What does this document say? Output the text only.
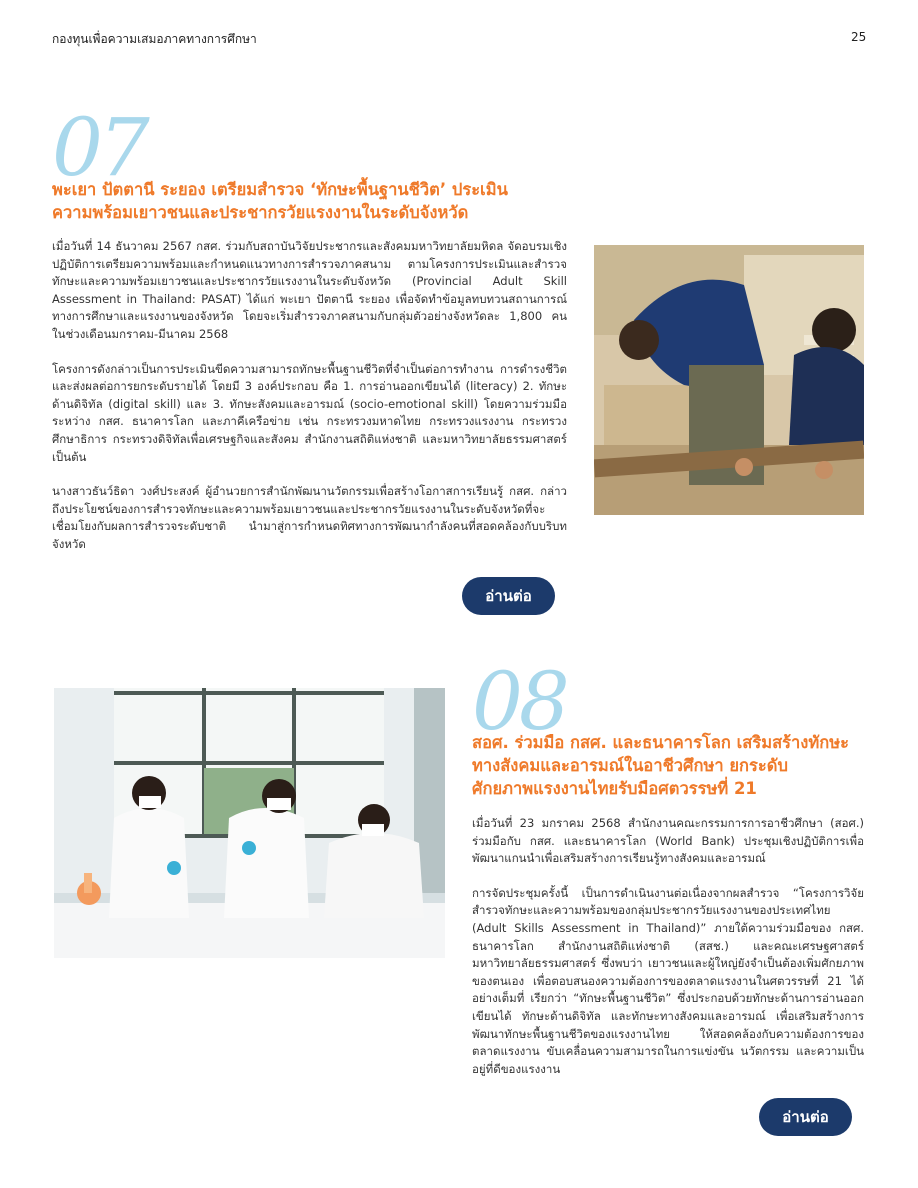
กองทุนเพื่อความเสมอภาคทางการศึกษา	25
07
พะเยา ปัตตานี ระยอง เตรียมสำรวจ ‘ทักษะพื้นฐานชีวิต’ ประเมิน
ความพร้อมเยาวชนและประชากรวัยแรงงานในระดับจังหวัด

เมื่อวันที่ 14 ธันวาคม 2567 กสศ. ร่วมกับสถาบันวิจัยประชากรและสังคมมหาวิทยาลัยมหิดล จัดอบรมเชิงปฏิบัติการเตรียมความพร้อมและกำหนดแนวทางการสำรวจภาคสนาม ตามโครงการประเมินและสำรวจทักษะและความพร้อมเยาวชนและประชากรวัยแรงงานในระดับจังหวัด (Provincial Adult Skill Assessment in Thailand: PASAT) ได้แก่ พะเยา ปัตตานี ระยอง เพื่อจัดทำข้อมูลทบทวนสถานการณ์ทางการศึกษาและแรงงานของจังหวัด โดยจะเริ่มสำรวจภาคสนามกับกลุ่มตัวอย่างจังหวัดละ 1,800 คน ในช่วงเดือนมกราคม-มีนาคม 2568

โครงการดังกล่าวเป็นการประเมินขีดความสามารถทักษะพื้นฐานชีวิตที่จำเป็นต่อการทำงาน การดำรงชีวิตและส่งผลต่อการยกระดับรายได้ โดยมี 3 องค์ประกอบ คือ 1. การอ่านออกเขียนได้ (literacy) 2. ทักษะด้านดิจิทัล (digital skill) และ 3. ทักษะสังคมและอารมณ์ (socio-emotional skill) โดยความร่วมมือระหว่าง กสศ. ธนาคารโลก และภาคีเครือข่าย เช่น กระทรวงมหาดไทย กระทรวงแรงงาน กระทรวงศึกษาธิการ กระทรวงดิจิทัลเพื่อเศรษฐกิจและสังคม สำนักงานสถิติแห่งชาติ และมหาวิทยาลัยธรรมศาสตร์ เป็นต้น

นางสาวธันว์ธิดา วงศ์ประสงค์ ผู้อำนวยการสำนักพัฒนานวัตกรรมเพื่อสร้างโอกาสการเรียนรู้ กสศ. กล่าวถึงประโยชน์ของการสำรวจทักษะและความพร้อมเยาวชนและประชากรวัยแรงงานในระดับจังหวัดที่จะเชื่อมโยงกับผลการสำรวจระดับชาติ นำมาสู่การกำหนดทิศทางการพัฒนากำลังคนที่สอดคล้องกับบริบทจังหวัด

อ่านต่อ
08
สอศ. ร่วมมือ กสศ. และธนาคารโลก เสริมสร้างทักษะ
ทางสังคมและอารมณ์ในอาชีวศึกษา ยกระดับ
ศักยภาพแรงงานไทยรับมือศตวรรษที่ 21

เมื่อวันที่ 23 มกราคม 2568 สำนักงานคณะกรรมการการอาชีวศึกษา (สอศ.) ร่วมมือกับ กสศ. และธนาคารโลก (World Bank) ประชุมเชิงปฏิบัติการเพื่อพัฒนาแกนนำเพื่อเสริมสร้างการเรียนรู้ทางสังคมและอารมณ์

การจัดประชุมครั้งนี้ เป็นการดำเนินงานต่อเนื่องจากผลสำรวจ “โครงการวิจัยสำรวจทักษะและความพร้อมของกลุ่มประชากรวัยแรงงานของประเทศไทย (Adult Skills Assessment in Thailand)” ภายใต้ความร่วมมือของ กสศ. ธนาคารโลก สำนักงานสถิติแห่งชาติ (สสช.) และคณะเศรษฐศาสตร์ มหาวิทยาลัยธรรมศาสตร์ ซึ่งพบว่า เยาวชนและผู้ใหญ่ยังจำเป็นต้องเพิ่มศักยภาพของตนเอง เพื่อตอบสนองความต้องการของตลาดแรงงานในศตวรรษที่ 21 ได้อย่างเต็มที่ เรียกว่า “ทักษะพื้นฐานชีวิต” ซึ่งประกอบด้วยทักษะด้านการอ่านออกเขียนได้ ทักษะด้านดิจิทัล และทักษะทางสังคมและอารมณ์ เพื่อเสริมสร้างการพัฒนาทักษะพื้นฐานชีวิตของแรงงานไทย ให้สอดคล้องกับความต้องการของตลาดแรงงาน ขับเคลื่อนความสามารถในการแข่งขัน นวัตกรรม และความเป็นอยู่ที่ดีของแรงงาน

อ่านต่อ
